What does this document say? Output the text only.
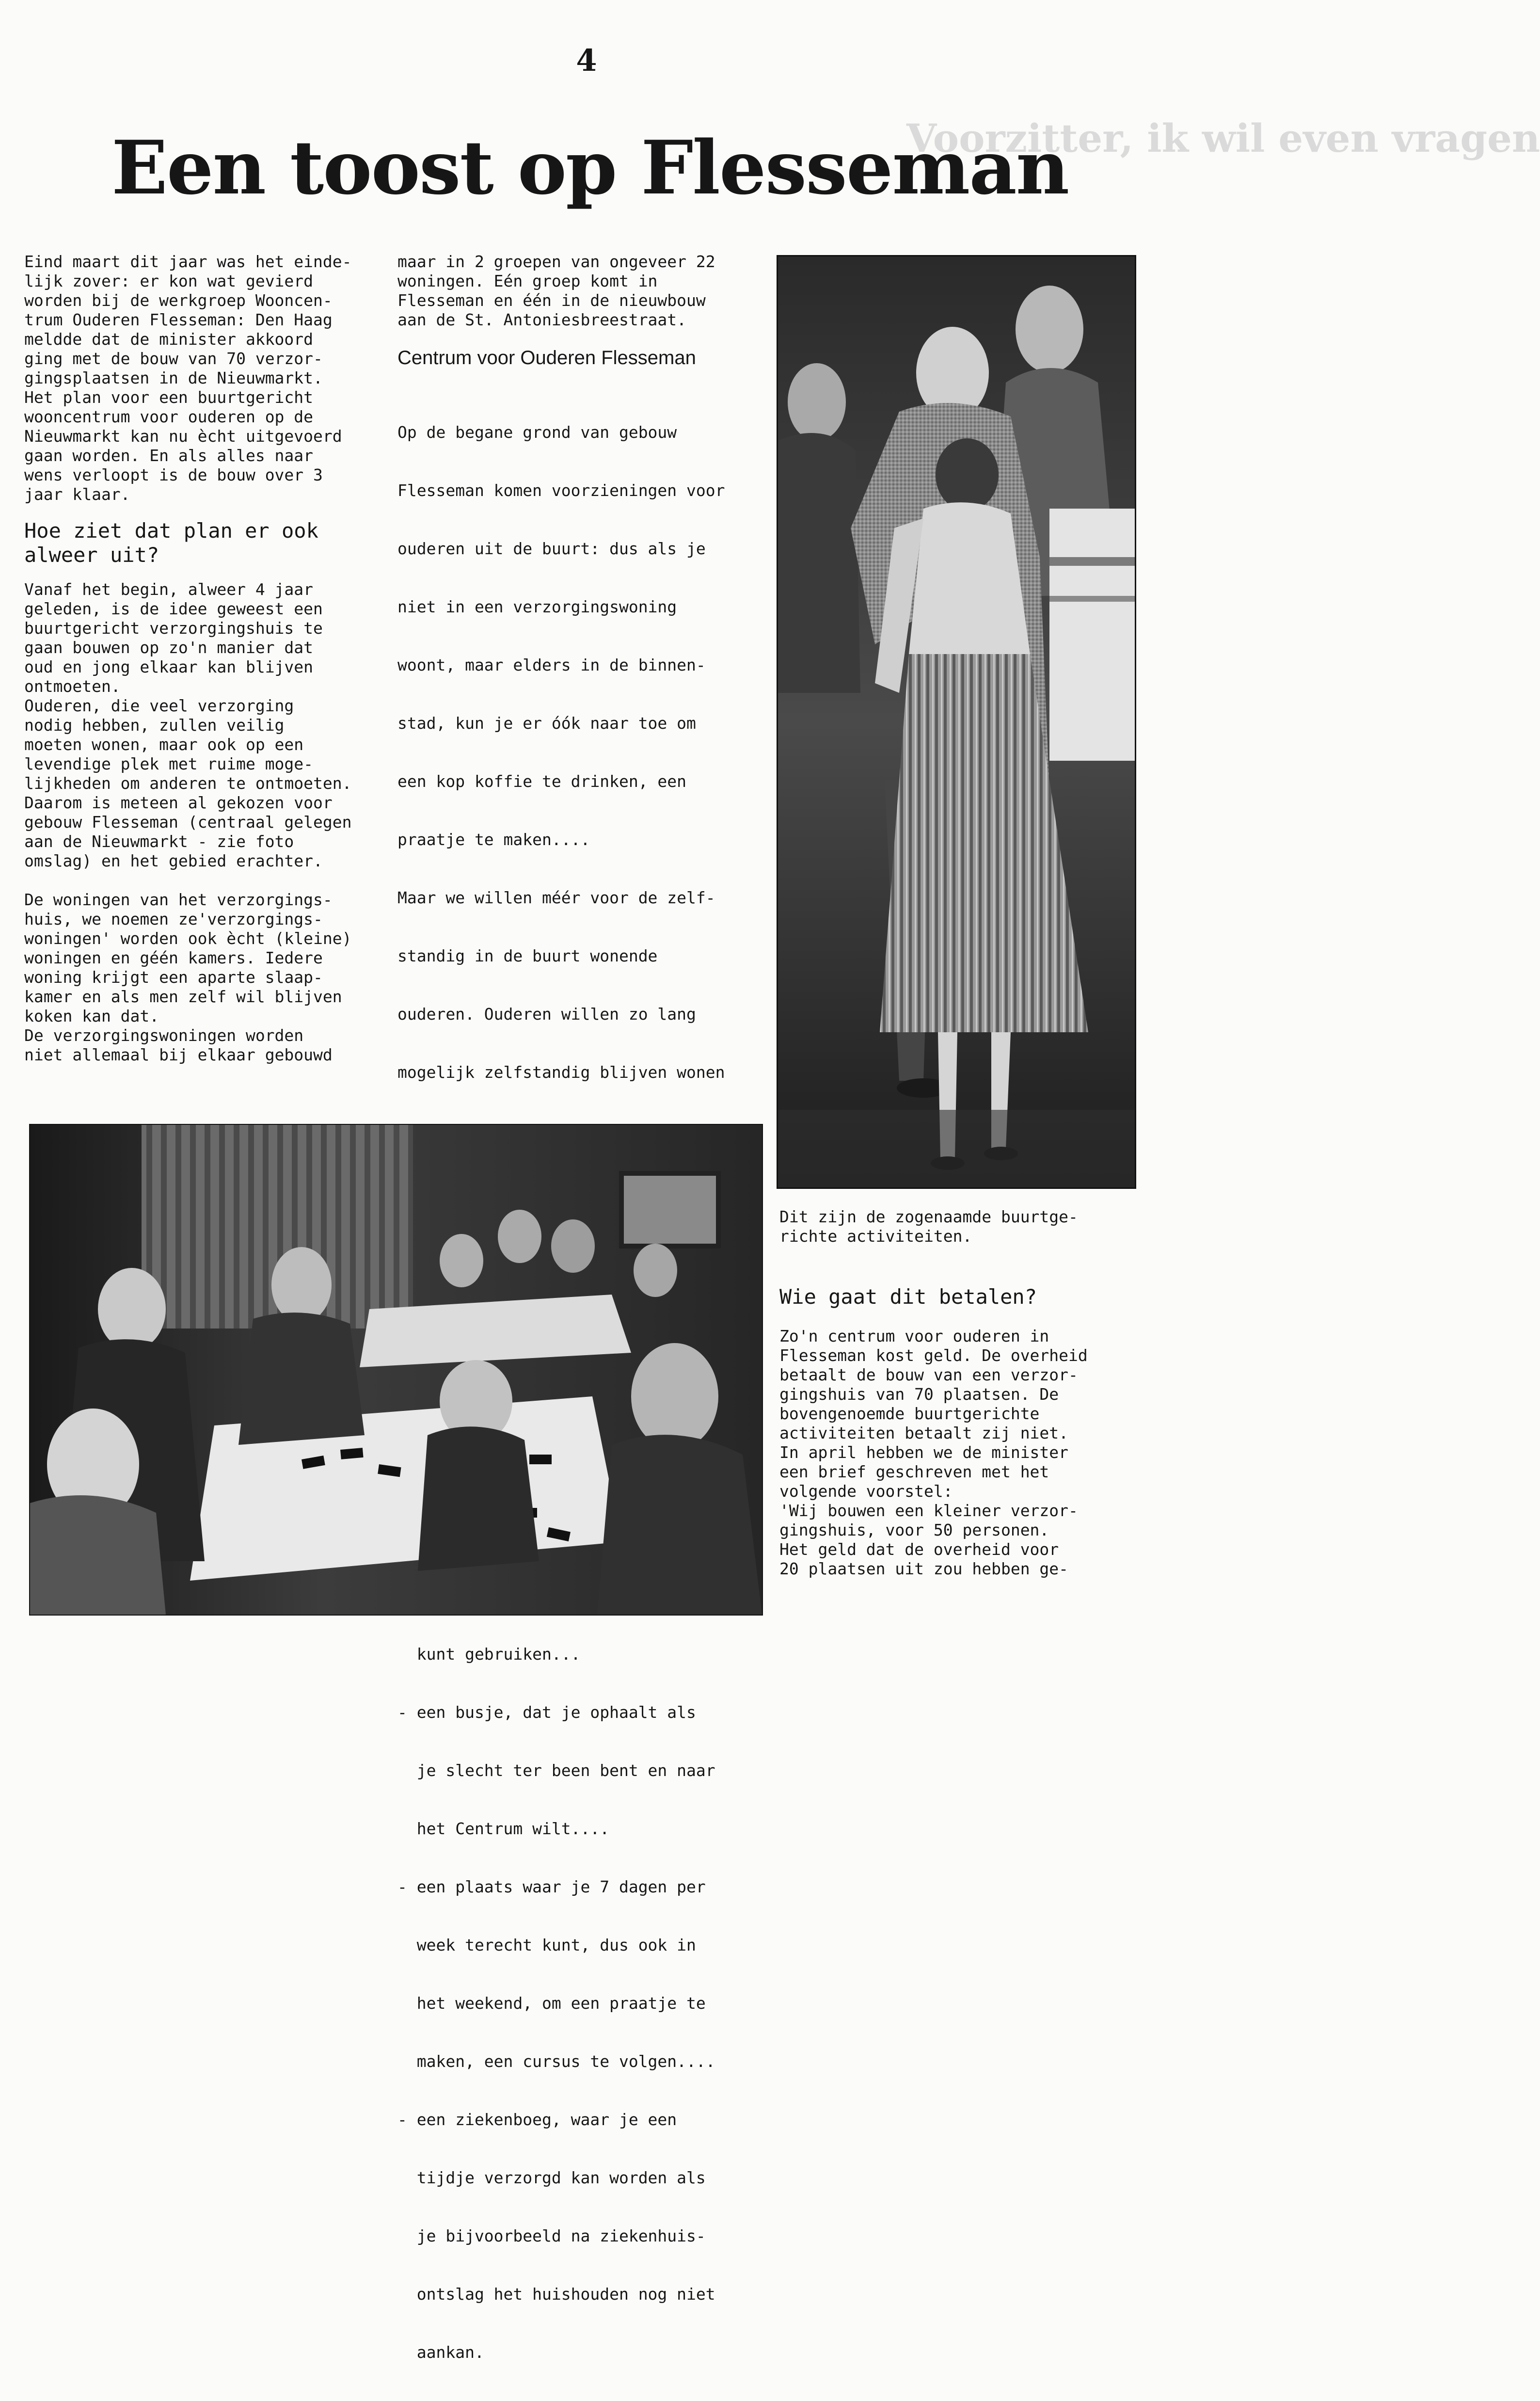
4
Voorzitter, ik wil even vragen
Een toost op Flesseman

Eind maart dit jaar was het einde-

lijk zover: er kon wat gevierd

worden bij de werkgroep Wooncen-

trum Ouderen Flesseman: Den Haag

meldde dat de minister akkoord

ging met de bouw van 70 verzor-

gingsplaatsen in de Nieuwmarkt.

Het plan voor een buurtgericht

wooncentrum voor ouderen op de

Nieuwmarkt kan nu ècht uitgevoerd

gaan worden. En als alles naar

wens verloopt is de bouw over 3

jaar klaar.

Hoe ziet dat plan er ook
alweer uit?

Vanaf het begin, alweer 4 jaar

geleden, is de idee geweest een

buurtgericht verzorgingshuis te

gaan bouwen op zo'n manier dat

oud en jong elkaar kan blijven

ontmoeten.

Ouderen, die veel verzorging

nodig hebben, zullen veilig

moeten wonen, maar ook op een

levendige plek met ruime moge-

lijkheden om anderen te ontmoeten.

Daarom is meteen al gekozen voor

gebouw Flesseman (centraal gelegen

aan de Nieuwmarkt - zie foto

omslag) en het gebied erachter.

De woningen van het verzorgings-

huis, we noemen ze'verzorgings-

woningen' worden ook ècht (kleine)

woningen en géén kamers. Iedere

woning krijgt een aparte slaap-

kamer en als men zelf wil blijven

koken kan dat.

De verzorgingswoningen worden

niet allemaal bij elkaar gebouwd

maar in 2 groepen van ongeveer 22

woningen. Eén groep komt in

Flesseman en één in de nieuwbouw

aan de St. Antoniesbreestraat.

Centrum voor Ouderen Flesseman

Op de begane grond van gebouw

Flesseman komen voorzieningen voor

ouderen uit de buurt: dus als je

niet in een verzorgingswoning

woont, maar elders in de binnen-

stad, kun je er óók naar toe om

een kop koffie te drinken, een

praatje te maken....

Maar we willen méér voor de zelf-

standig in de buurt wonende

ouderen. Ouderen willen zo lang

mogelijk zelfstandig blijven wonen

kunt gebruiken...

- een busje, dat je ophaalt als

je slecht ter been bent en naar

het Centrum wilt....

- een plaats waar je 7 dagen per

week terecht kunt, dus ook in

het weekend, om een praatje te

maken, een cursus te volgen....

- een ziekenboeg, waar je een

tijdje verzorgd kan worden als

je bijvoorbeeld na ziekenhuis-

ontslag het huishouden nog niet

aankan.

Dit zijn de zogenaamde buurtge-

richte activiteiten.

Wie gaat dit betalen?

Zo'n centrum voor ouderen in

Flesseman kost geld. De overheid

betaalt de bouw van een verzor-

gingshuis van 70 plaatsen. De

bovengenoemde buurtgerichte

activiteiten betaalt zij niet.

In april hebben we de minister

een brief geschreven met het

volgende voorstel:

'Wij bouwen een kleiner verzor-

gingshuis, voor 50 personen.

Het geld dat de overheid voor

20 plaatsen uit zou hebben ge-
